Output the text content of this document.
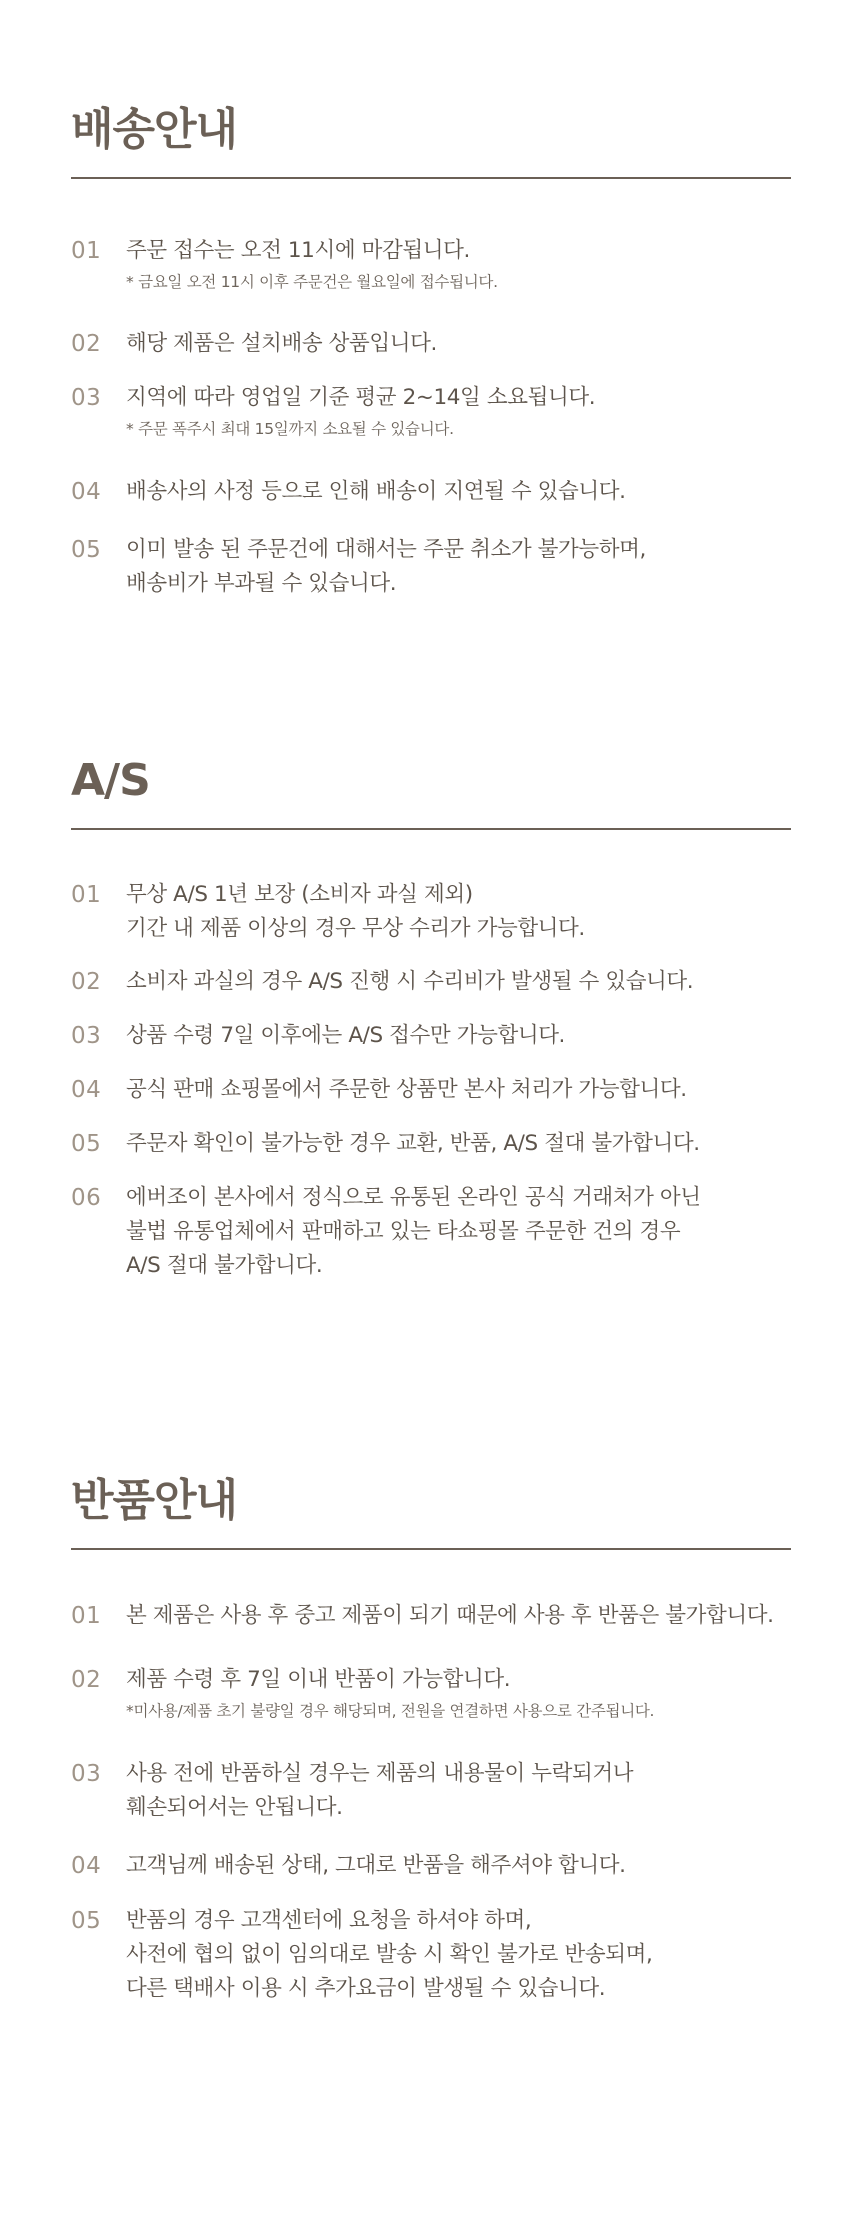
배송안내
01 주문 접수는 오전 11시에 마감됩니다.
* 금요일 오전 11시 이후 주문건은 월요일에 접수됩니다.
02 해당 제품은 설치배송 상품입니다.
03 지역에 따라 영업일 기준 평균 2~14일 소요됩니다.
* 주문 폭주시 최대 15일까지 소요될 수 있습니다.
04 배송사의 사정 등으로 인해 배송이 지연될 수 있습니다.
05 이미 발송 된 주문건에 대해서는 주문 취소가 불가능하며,
배송비가 부과될 수 있습니다.
A/S
01 무상 A/S 1년 보장 (소비자 과실 제외)
기간 내 제품 이상의 경우 무상 수리가 가능합니다.
02 소비자 과실의 경우 A/S 진행 시 수리비가 발생될 수 있습니다.
03 상품 수령 7일 이후에는 A/S 접수만 가능합니다.
04 공식 판매 쇼핑몰에서 주문한 상품만 본사 처리가 가능합니다.
05 주문자 확인이 불가능한 경우 교환, 반품, A/S 절대 불가합니다.
06 에버조이 본사에서 정식으로 유통된 온라인 공식 거래처가 아닌
불법 유통업체에서 판매하고 있는 타쇼핑몰 주문한 건의 경우
A/S 절대 불가합니다.
반품안내
01 본 제품은 사용 후 중고 제품이 되기 때문에 사용 후 반품은 불가합니다.
02 제품 수령 후 7일 이내 반품이 가능합니다.
*미사용/제품 초기 불량일 경우 해당되며, 전원을 연결하면 사용으로 간주됩니다.
03 사용 전에 반품하실 경우는 제품의 내용물이 누락되거나
훼손되어서는 안됩니다.
04 고객님께 배송된 상태, 그대로 반품을 해주셔야 합니다.
05 반품의 경우 고객센터에 요청을 하셔야 하며,
사전에 협의 없이 임의대로 발송 시 확인 불가로 반송되며,
다른 택배사 이용 시 추가요금이 발생될 수 있습니다.
